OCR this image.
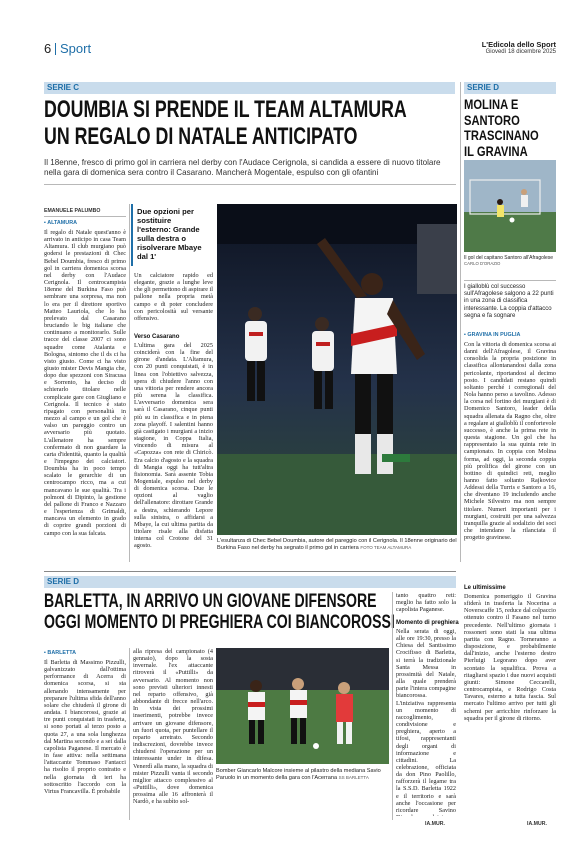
6 Sport	L'Edicola dello Sport
Giovedì 18 dicembre 2025
SERIE C
DOUMBIA SI PRENDE IL TEAM ALTAMURA
UN REGALO DI NATALE ANTICIPATO
Il 18enne, fresco di primo gol in carriera nel derby con l'Audace Cerignola, si candida a essere di nuovo titolare nella gara di domenica sera contro il Casarano. Mancherà Mogentale, espulso con gli ofantini
EMANUELE PALUMBO
▪ ALTAMURA
Il regalo di Natale quest'anno è arrivato in anticipo in casa Team Altamura. Il club murgiano può godersi le prestazioni di Chec Bebel Doumbia, fresco di primo gol in carriera domenica scorsa nel derby con l'Audace Cerignola. Il centrocampista 18enne del Burkina Faso può sembrare una sorpresa, ma non lo era per il direttore sportivo Matteo Lauriola, che lo ha prelevato dal Casarano bruciando le big italiane che continuano a monitorarlo. Sulle tracce del classe 2007 ci sono squadre come Atalanta e Bologna, sintomo che il ds ci ha visto giusto. Come ci ha visto giusto mister Devis Mangia che, dopo due spezzoni con Siracusa e Sorrento, ha deciso di schierarlo titolare nelle complicate gare con Giugliano e Cerignola. Il tecnico è stato ripagato con personalità in mezzo al campo e un gol che è valso un pareggio contro un avversario più quotato. L'allenatore ha sempre confermato di non guardare la carta d'identità, quanto la qualità e l'impegno dei calciatori. Doumbia ha in poco tempo scalato le gerarchie di un centrocampo ricco, ma a cui mancavano le sue qualità. Tra i polmoni di Dipinto, la gestione del pallone di Franco e Nazzaro e l'esperienza di Grimaldi, mancava un elemento in grado di coprire grandi porzioni di campo con la sua falcata.
Due opzioni per sostituire l'esterno: Grande sulla destra o risolverare Mbaye dal 1'
Un calciatore rapido ed elegante, grazie a lunghe leve che gli permettono di aspirare il pallone nella propria metà campo e di poter concludere con pericolosità sul versante offensivo.
Verso Casarano
L'ultima gara del 2025 coinciderà con la fine del girone d'andata. L'Altamura, con 20 punti conquistati, è in linea con l'obiettivo salvezza, spera di chiudere l'anno con una vittoria per rendere ancora più serena la classifica. L'avversario domenica sera sarà il Casarano, cinque punti più su in classifica e in piena zona playoff. I salentini hanno già castigato i murgiani a inizio stagione, in Coppa Italia, vincendo di misura al «Capozza» con rete di Chiricò. Era calcio d'agosto e la squadra di Mangia oggi ha tutt'altra fisionomia. Sarà assente Tobia Mogentale, espulso nel derby di domenica scorsa. Due le opzioni al vaglio dell'allenatore: dirottare Grande a destra, schierando Lepore sulla sinistra, o affidarsi a Mbaye, la cui ultima partita da titolare risale alla disfatta interna col Crotone del 31 agosto.
L'esultanza di Chec Bebel Doumbia, autore del pareggio con il Cerignola. Il 18enne originario del Burkina Faso nel derby ha segnato il primo gol in carriera FOTO TEAM ALTAMURA
SERIE D
MOLINA E SANTORO TRASCINANO IL GRAVINA
Il gol del capitano Santoro all'Afragolese CARLO D'ORAZIO
I gialloblù col successo sull'Afragolese salgono a 22 punti in una zona di classifica interessante. La coppia d'attacco segna e fa sognare
▪ GRAVINA IN PUGLIA
Con la vittoria di domenica scorsa ai danni dell'Afragolese, il Gravina consolida la propria posizione in classifica allontanandosi dalla zona pericolante, riportandosi al decimo posto. I candidati restano quindi soltanto perché i corregionali del Nola hanno perso a tavolino. Adesso la corsa nel fortino dei murgiani è di Domenico Santoro, leader della squadra allenata da Ragno che, oltre a regalare ai gialloblù il confortevole successo, è anche la prima rete in questa stagione. Un gol che ha rappresentato la sua quinta rete in campionato. In coppia con Molina forma, ad oggi, la seconda coppia più prolifica del girone con un bottino di quindici reti, meglio hanno fatto soltanto Rajkovice Addessi della Turris e Santoro a 16, che diventano 19 includendo anche Michele Silvestro ma non sempre titolare. Numeri importanti per i murgiani, costruiti per una salvezza tranquilla grazie al sodalizio dei soci che intendano la rilanciata il progetto gravinese.
Le ultimissime
Domenica pomeriggio il Gravina sfiderà in trasferta la Nocerina a Noverscaffe 15, reduce dal colpaccio ottenuto contro il Fasano nel turno precedente. Nell'ultimo giornata i rossoneri sono stati la sua ultima partita con Ragno. Torneranno a disposizione, e probabilmente dall'inizio, anche l'esterno destro Pierluigi Legorano dopo aver scontato la squalifica. Prova a ritagliarsi spazio i due nuovi acquisti giunti: Simone Ceccarelli, centrocampista, e Rodrigo Costa Tavares, esterno a tutta fascia. Sul mercato l'ultimo arrivo per tutti gli schemi per arricchire rinforzare la squadra per il girone di ritorno.
IA.MUR.
SERIE D
BARLETTA, IN ARRIVO UN GIOVANE DIFENSORE
OGGI MOMENTO DI PREGHIERA COI BIANCOROSSI
▪ BARLETTA
Il Barletta di Massimo Pizzulli, galvanizzato dall'ottima performance di Acerra di domenica scorsa, si sta allenando intensamente per preparare l'ultima sfida dell'anno solare che chiuderà il girone di andata. I biancorossi, grazie ai tre punti conquistati in trasferta, si sono portati al terzo posto a quota 27, a una sola lunghezza dal Martina secondo e a sei dalla capolista Paganese. Il mercato è in fase attiva: nella settimana l'attaccante Tommaso Fantacci ha risolto il proprio contratto e nella giornata di ieri ha sottoscritto l'accordo con la Virtus Francavilla. È probabile
alla ripresa del campionato (4 gennaio), dopo la sosta invernale. l'ex attaccante ritroverà il «Puttilli» da avversario. Al momento non sono previsti ulteriori innesti nel reparto offensivo, già abbondante di frecce nell'arco. In vista dei prossimi inserimenti, potrebbe invece arrivare un giovane difensore, un fuori quota, per puntellare il reparto arretrato. Secondo indiscrezioni, dovrebbe invece chiudersi l'operazione per un interessante under in difesa. Venerdì alla mano, la squadra di mister Pizzulli vanta il secondo miglior attacco complessivo al «Puttilli», dove domenica prossima alle 16 affronterà il Nardò, e ha subìto sol-
Bomber Giancarlo Malcore insieme al pilastro della mediana Savio Paruolo in un momento della gara con l'Acerrana SS BARLETTA
tanto quattro reti: meglio ha fatto solo la capolista Paganese.
Momento di preghiera
Nella serata di oggi, alle ore 19:30, presso la Chiesa del Santissimo Crocifisso di Barletta, si terrà la tradizionale Santa Messa in prossimità del Natale, alla quale prenderà parte l'intera compagine biancorossa. L'iniziativa rappresenta un momento di raccoglimento, condivisione e preghiera, aperto a tifosi, rappresentanti degli organi di informazione e cittadini. La celebrazione, officiata da don Pino Paolillo, rafforzerà il legame tra la S.S.D. Barletta 1922 e il territorio e sarà anche l'occasione per ricordare Savino
IA.MUR.
